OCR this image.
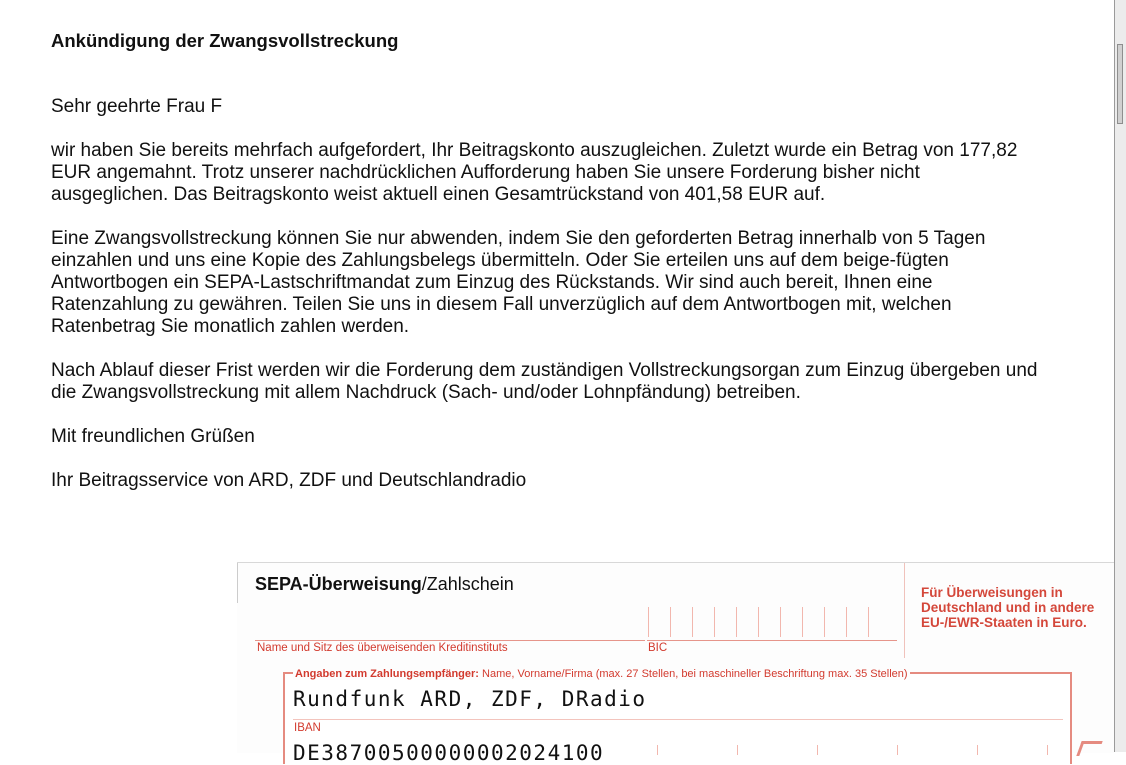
Ankündigung der Zwangsvollstreckung
Sehr geehrte Frau F
wir haben Sie bereits mehrfach aufgefordert, Ihr Beitragskonto auszugleichen. Zuletzt wurde ein Betrag von 177,82 EUR angemahnt. Trotz unserer nachdrücklichen Aufforderung haben Sie unsere Forderung bisher nicht ausgeglichen. Das Beitragskonto weist aktuell einen Gesamtrückstand von 401,58 EUR auf.
Eine Zwangsvollstreckung können Sie nur abwenden, indem Sie den geforderten Betrag innerhalb von 5 Tagen einzahlen und uns eine Kopie des Zahlungsbelegs übermitteln. Oder Sie erteilen uns auf dem beige-fügten Antwortbogen ein SEPA-Lastschriftmandat zum Einzug des Rückstands. Wir sind auch bereit, Ihnen eine Ratenzahlung zu gewähren. Teilen Sie uns in diesem Fall unverzüglich auf dem Antwortbogen mit, welchen Ratenbetrag Sie monatlich zahlen werden.
Nach Ablauf dieser Frist werden wir die Forderung dem zuständigen Vollstreckungsorgan zum Einzug übergeben und die Zwangsvollstreckung mit allem Nachdruck (Sach- und/oder Lohnpfändung) betreiben.
Mit freundlichen Grüßen
Ihr Beitragsservice von ARD, ZDF und Deutschlandradio
SEPA-Überweisung/Zahlschein	Für Überweisungen in Deutschland und in andere EU-/EWR-Staaten in Euro.
Name und Sitz des überweisenden Kreditinstituts	BIC
Angaben zum Zahlungsempfänger: Name, Vorname/Firma (max. 27 Stellen, bei maschineller Beschriftung max. 35 Stellen)
Rundfunk ARD, ZDF, DRadio
IBAN
DE38700500000002024100
